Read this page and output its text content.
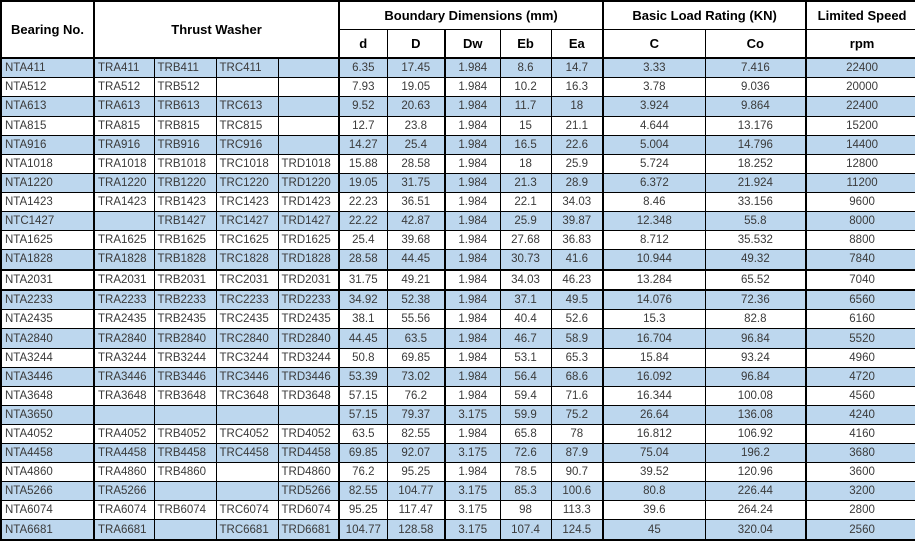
Bearing No.	Thrust Washer				Boundary Dimensions (mm)					Basic Load Rating (KN)		Limited Speed
					d	D	Dw	Eb	Ea	C	Co	rpm
NTA411	TRA411	TRB411	TRC411		6.35	17.45	1.984	8.6	14.7	3.33	7.416	22400
NTA512	TRA512	TRB512			7.93	19.05	1.984	10.2	16.3	3.78	9.036	20000
NTA613	TRA613	TRB613	TRC613		9.52	20.63	1.984	11.7	18	3.924	9.864	22400
NTA815	TRA815	TRB815	TRC815		12.7	23.8	1.984	15	21.1	4.644	13.176	15200
NTA916	TRA916	TRB916	TRC916		14.27	25.4	1.984	16.5	22.6	5.004	14.796	14400
NTA1018	TRA1018	TRB1018	TRC1018	TRD1018	15.88	28.58	1.984	18	25.9	5.724	18.252	12800
NTA1220	TRA1220	TRB1220	TRC1220	TRD1220	19.05	31.75	1.984	21.3	28.9	6.372	21.924	11200
NTA1423	TRA1423	TRB1423	TRC1423	TRD1423	22.23	36.51	1.984	22.1	34.03	8.46	33.156	9600
NTC1427		TRB1427	TRC1427	TRD1427	22.22	42.87	1.984	25.9	39.87	12.348	55.8	8000
NTA1625	TRA1625	TRB1625	TRC1625	TRD1625	25.4	39.68	1.984	27.68	36.83	8.712	35.532	8800
NTA1828	TRA1828	TRB1828	TRC1828	TRD1828	28.58	44.45	1.984	30.73	41.6	10.944	49.32	7840
NTA2031	TRA2031	TRB2031	TRC2031	TRD2031	31.75	49.21	1.984	34.03	46.23	13.284	65.52	7040
NTA2233	TRA2233	TRB2233	TRC2233	TRD2233	34.92	52.38	1.984	37.1	49.5	14.076	72.36	6560
NTA2435	TRA2435	TRB2435	TRC2435	TRD2435	38.1	55.56	1.984	40.4	52.6	15.3	82.8	6160
NTA2840	TRA2840	TRB2840	TRC2840	TRD2840	44.45	63.5	1.984	46.7	58.9	16.704	96.84	5520
NTA3244	TRA3244	TRB3244	TRC3244	TRD3244	50.8	69.85	1.984	53.1	65.3	15.84	93.24	4960
NTA3446	TRA3446	TRB3446	TRC3446	TRD3446	53.39	73.02	1.984	56.4	68.6	16.092	96.84	4720
NTA3648	TRA3648	TRB3648	TRC3648	TRD3648	57.15	76.2	1.984	59.4	71.6	16.344	100.08	4560
NTA3650					57.15	79.37	3.175	59.9	75.2	26.64	136.08	4240
NTA4052	TRA4052	TRB4052	TRC4052	TRD4052	63.5	82.55	1.984	65.8	78	16.812	106.92	4160
NTA4458	TRA4458	TRB4458	TRC4458	TRD4458	69.85	92.07	3.175	72.6	87.9	75.04	196.2	3680
NTA4860	TRA4860	TRB4860		TRD4860	76.2	95.25	1.984	78.5	90.7	39.52	120.96	3600
NTA5266	TRA5266			TRD5266	82.55	104.77	3.175	85.3	100.6	80.8	226.44	3200
NTA6074	TRA6074	TRB6074	TRC6074	TRD6074	95.25	117.47	3.175	98	113.3	39.6	264.24	2800
NTA6681	TRA6681		TRC6681	TRD6681	104.77	128.58	3.175	107.4	124.5	45	320.04	2560
